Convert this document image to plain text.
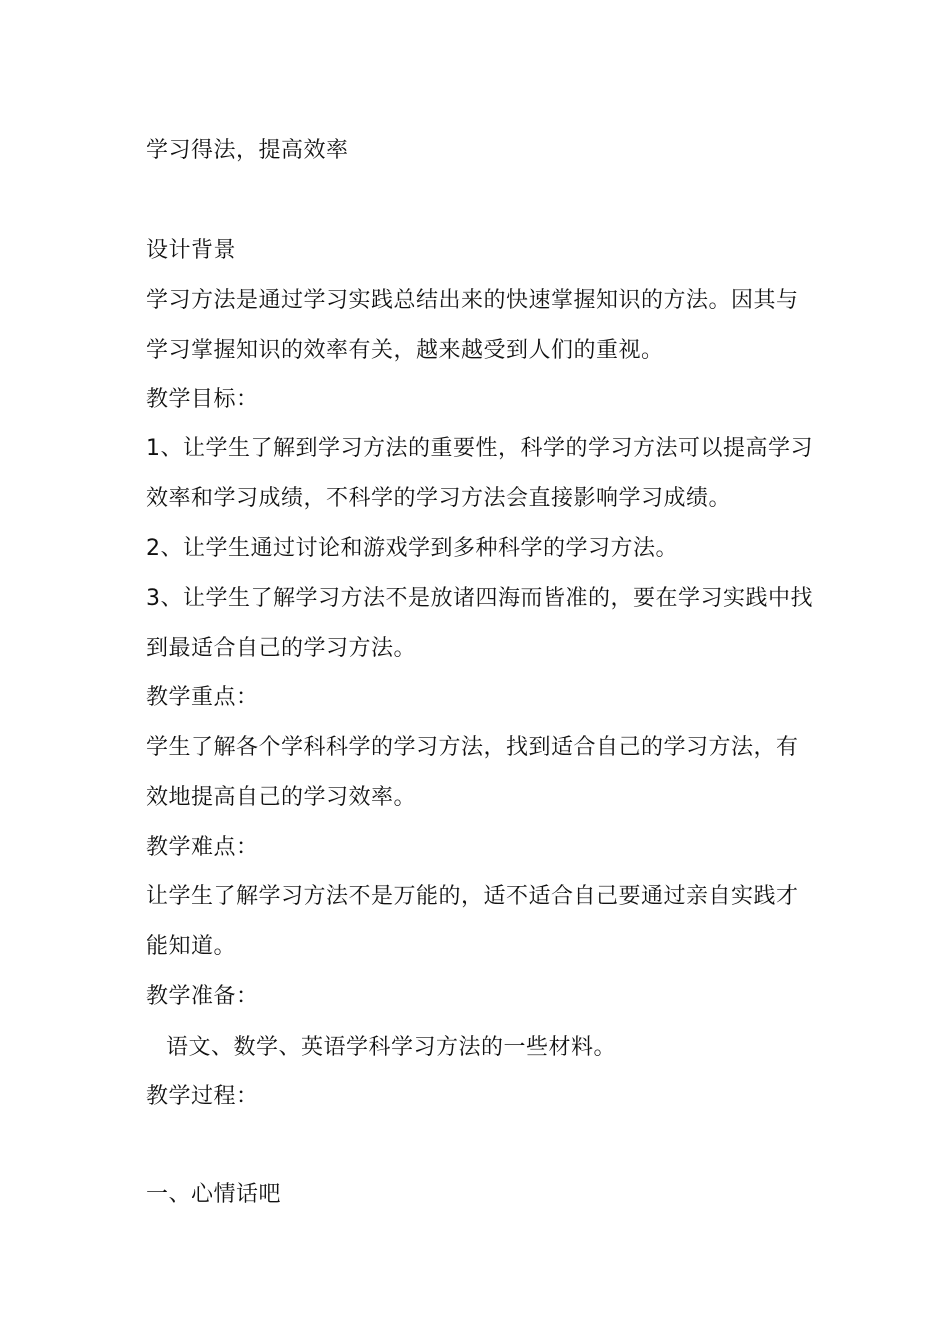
学习得法，提高效率
设计背景
学习方法是通过学习实践总结出来的快速掌握知识的方法。因其与
学习掌握知识的效率有关，越来越受到人们的重视。
教学目标：
1、让学生了解到学习方法的重要性，科学的学习方法可以提高学习
效率和学习成绩，不科学的学习方法会直接影响学习成绩。
2、让学生通过讨论和游戏学到多种科学的学习方法。
3、让学生了解学习方法不是放诸四海而皆准的，要在学习实践中找
到最适合自己的学习方法。
教学重点：
学生了解各个学科科学的学习方法，找到适合自己的学习方法，有
效地提高自己的学习效率。
教学难点：
让学生了解学习方法不是万能的，适不适合自己要通过亲自实践才
能知道。
教学准备：
语文、数学、英语学科学习方法的一些材料。
教学过程：
一、心情话吧
